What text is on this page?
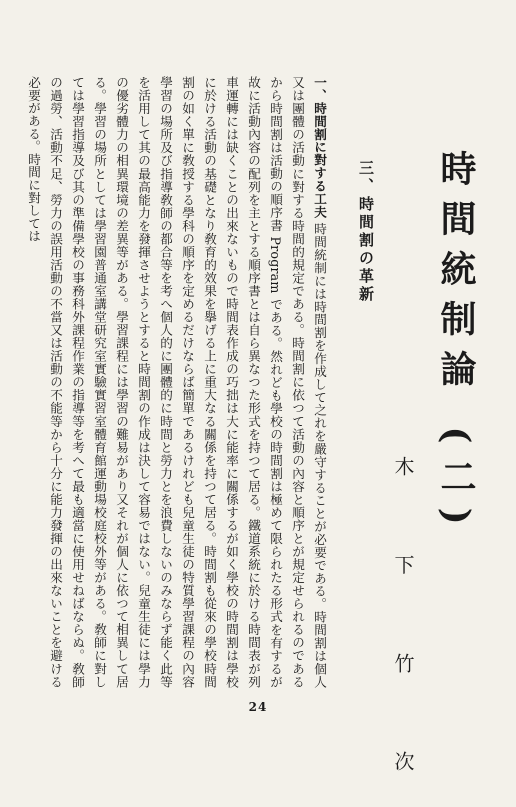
時間統制論 (二)
木 下 竹 次
三、時間割の革新

一、時間割に對する工夫 時間統制には時間割を作成して之れを嚴守することが必要である。時間割は個人又は團體の活動に對する時間的規定である。時間割に依つて活動の內容と順序とが規定せられるのであるから時間割は活動の順序書 Program である。然れども學校の時間割は極めて限られたる形式を有するが故に活動內容の配列を主とする順序書とは自ら異なつた形式を持つて居る。鐵道系統に於ける時間表が列車運轉には缺くことの出來ないもので時間表作成の巧拙は大に能率に關係するが如く學校の時間割は學校に於ける活動の基礎となり敎育的效果を擧げる上に重大なる關係を持つて居る。時間割も從來の學校時間割の如く單に敎授する學科の順序を定めるだけならば簡單であるけれども兒童生徒の特質學習課程の內容學習の場所及び指導敎師の都合等を考へ個人的に團體的に時間と勞力とを浪費しないのみならず能く此等を活用して其の最高能力を發揮させようとすると時間割の作成は決して容易ではない。兒童生徒には學力の優劣體力の相異環境の差異等がある。學習課程には學習の難易があり又それが個人に依つて相異して居る。學習の場所としては學習園普通室講堂研究室實驗實習室體育館運動場校庭校外等がある。敎師に對しては學習指導及び其の準備學校の事務科外課程作業の指導等を考へて最も適當に使用せねばならぬ。敎師の過勞、活動不足、勞力の誤用活動の不當又は活動の不能等から十分に能力發揮の出來ないことを避ける必要がある。時間に對しては

24
